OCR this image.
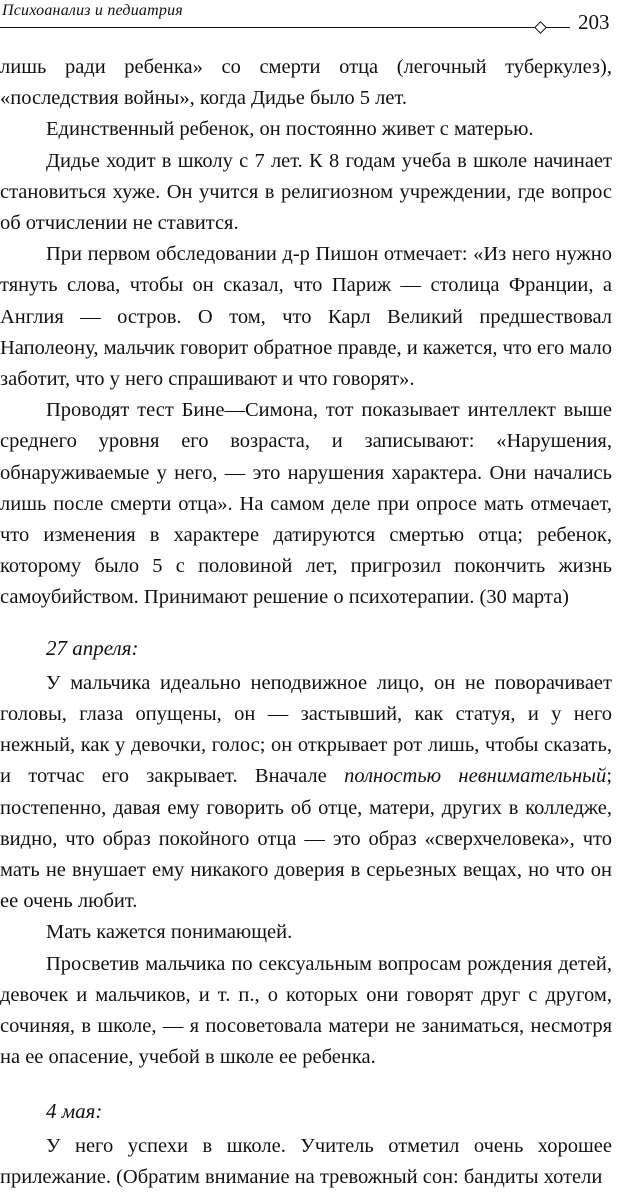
Психоанализ и педиатрия	203

лишь ради ребенка» со смерти отца (легочный туберкулез), «последствия войны», когда Дидье было 5 лет.

Единственный ребенок, он постоянно живет с матерью.

Дидье ходит в школу с 7 лет. К 8 годам учеба в школе начинает становиться хуже. Он учится в религиозном учреждении, где вопрос об отчислении не ставится.

При первом обследовании д-р Пишон отмечает: «Из него нужно тянуть слова, чтобы он сказал, что Париж — столица Франции, а Англия — остров. О том, что Карл Великий предшествовал Наполеону, мальчик говорит обратное правде, и кажется, что его мало заботит, что у него спрашивают и что говорят».

Проводят тест Бине—Симона, тот показывает интеллект выше среднего уровня его возраста, и записывают: «Нарушения, обнаруживаемые у него, — это нарушения характера. Они начались лишь после смерти отца». На самом деле при опросе мать отмечает, что изменения в характере датируются смертью отца; ребенок, которому было 5 с половиной лет, пригрозил покончить жизнь самоубийством. Принимают решение о психотерапии. (30 марта)

27 апреля:

У мальчика идеально неподвижное лицо, он не поворачивает головы, глаза опущены, он — застывший, как статуя, и у него нежный, как у девочки, голос; он открывает рот лишь, чтобы сказать, и тотчас его закрывает. Вначале полностью невнимательный; постепенно, давая ему говорить об отце, матери, других в колледже, видно, что образ покойного отца — это образ «сверхчеловека», что мать не внушает ему никакого доверия в серьезных вещах, но что он ее очень любит.

Мать кажется понимающей.

Просветив мальчика по сексуальным вопросам рождения детей, девочек и мальчиков, и т. п., о которых они говорят друг с другом, сочиняя, в школе, — я посоветовала матери не заниматься, несмотря на ее опасение, учебой в школе ее ребенка.

4 мая:

У него успехи в школе. Учитель отметил очень хорошее прилежание. (Обратим внимание на тревожный сон: бандиты хотели
